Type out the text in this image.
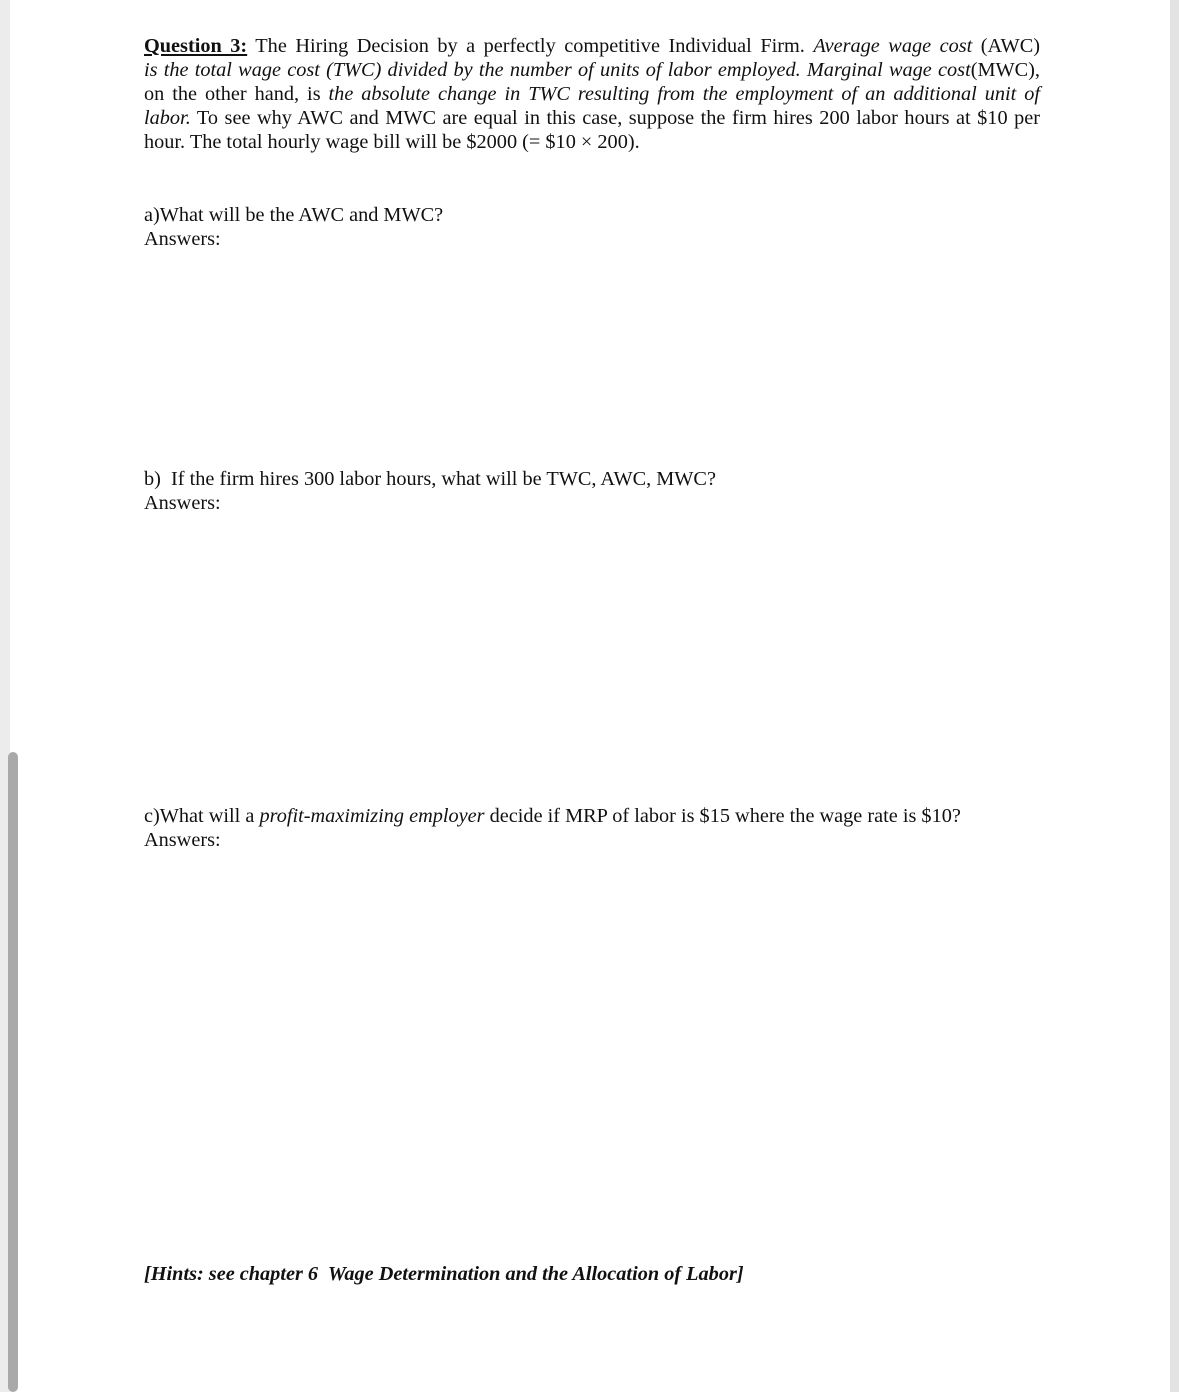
Question 3: The Hiring Decision by a perfectly competitive Individual Firm. Average wage cost (AWC)
is the total wage cost (TWC) divided by the number of units of labor employed. Marginal wage cost(MWC),
on the other hand, is the absolute change in TWC resulting from the employment of an additional unit of
labor. To see why AWC and MWC are equal in this case, suppose the firm hires 200 labor hours at $10 per
hour. The total hourly wage bill will be $2000 (= $10 × 200).
a)What will be the AWC and MWC?
Answers:
b)  If the firm hires 300 labor hours, what will be TWC, AWC, MWC?
Answers:
c)What will a profit-maximizing employer decide if MRP of labor is $15 where the wage rate is $10?
Answers:
[Hints: see chapter 6  Wage Determination and the Allocation of Labor]
